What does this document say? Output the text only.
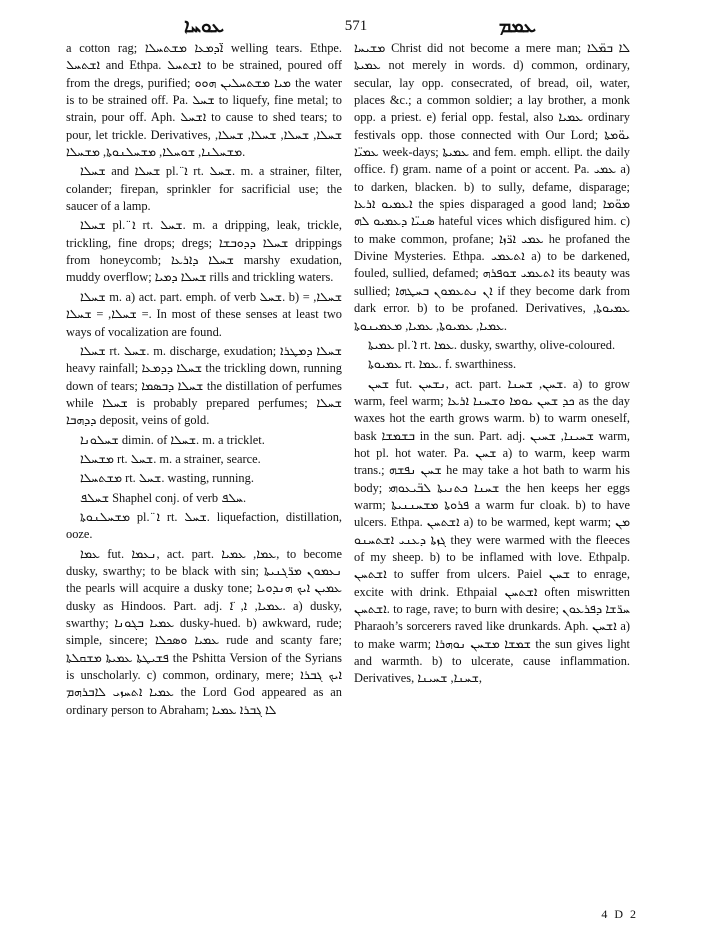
ܥܘܚܐ	571	ܥܡܡ

a cotton rag; ܐ̈ܕܡܥܐ ܡܫܬܚܠܐ welling tears. Ethpe. ܐܫܬܚܠ and Ethpa. ܐܫܬܚܠ to be strained, poured off from the dregs, purified; ܡܝܐ ܡܫܬܚܠܝܢ ܗܘܘ the water is to be strained off. Pa. ܫܚܠ to liquefy, fine metal; to strain, pour off. Aph. ܐܫܚܠ to cause to shed tears; to pour, let trickle. Derivatives, ܫܚܠܐ, ܫܚܠܐ, ܫܚܠܐ, ܫܚܠܐ, ܡܫܚܠܢܐ, ܫܘܚܠܐ, ܡܫܚܠܢܘܬܐ, ܡܫܚܠܐ.

ܫܚܠܐ and ܫܚܠܐ pl. ̈ܐ rt. ܫܚܠ. m. a strainer, filter, colander; firepan, sprinkler for sacrificial use; the saucer of a lamp.

ܫܚܠܐ pl. ̈ܐ rt. ܫܚܠ. m. a dripping, leak, trickle, trickling, fine drops; dregs; ܫܚܠܐ ܕܕܘܒܫܐ drippings from honeycomb; ܫܚܠܐ ܕܐܪܥܐ marshy exudation, muddy overflow; ܫܚܠܐ ܕܡܝܐ rills and trickling waters.

ܫܚܠܐ m. a) act. part. emph. of verb ܫܚܠ. b) = ܫܚܠܐ, = ܫܚܠܐ, = ܫܚܠܐ. In most of these senses at least two ways of vocalization are found.

ܫܚܠܐ rt. ܫܚܠ. m. discharge, exudation; ܫܚܠܐ ܕܡܛܪܐ heavy rainfall; ܫܚܠܐ ܕܕܡܥܐ the trickling down, running down of tears; ܫܚܠܐ ܕܒܣܡܐ the distillation of perfumes while ܫܚܠܐ is probably prepared perfumes; ܫܚܠܐ ܕܕܗܒܐ deposit, veins of gold.

ܫܚܠܘܢܐ dimin. of ܫܚܠܐ. m. a tricklet.

ܡܫܚܠܐ rt. ܫܚܠ. m. a strainer, searce.

ܡܫܬܚܠܐ rt. ܫܚܠ. wasting, running.

ܫܚܠܦ Shaphel conj. of verb ܚܠܦ.

ܡܫܚܠܢܘܬܐ pl. ̈ܐ rt. ܫܚܠ. liquefaction, distillation, ooze.

ܥܡܐ fut. ܢܥܡܐ, act. part. ܥܡܐ, ܥܡܝܐ, to become dusky, swarthy; to be black with sin; ܢܥܡܘܢ ܡܪ̈ܓܢܝܬܐ the pearls will acquire a dusky tone; ܥܡܝܢ ܐܝܟ ܗܢܕܘܝܐ dusky as Hindoos. Part. adj. ܥܡܝܐ, ܐ, ̈ܐ. a) dusky, swarthy; ܥܡܝܐ ܒܓܘܢܐ dusky-hued. b) awkward, rude; simple, sincere; ܥܡܝܐ ܘܣܟܠܐ rude and scanty fare; ܦܫܝܛܬܐ ܥܡܝܬܐ ܡܫܩܠܬܐ the Pshitta Version of the Syrians is unscholarly. c) common, ordinary, mere; ܐܝܟ ܓܒܪܐ ܥܡܝܐ ܐܬܚܙܝ ܠܐܒܪܗܡ the Lord God appeared as an ordinary person to Abraham; ܠܐ ܓܒܪܐ ܥܡܝܐ

ܡܫܝܚܐ Christ did not become a mere man; ܠܐ ܒܡ̈ܠܐ ܥܡܝܬܐ not merely in words. d) common, ordinary, secular, lay opp. consecrated, of bread, oil, water, places &c.; a common soldier; a lay brother, a monk opp. a priest. e) ferial opp. festal, also ܥܡܝܐ ordinary festivals opp. those connected with Our Lord; ܝܘ̈ܡܬܐ ܥܡܝ̈ܐ week-days; ܥܡܝܬܐ and fem. emph. ellipt. the daily office. f) gram. name of a point or accent. Pa. ܥܡܝ a) to darken, blacken. b) to sully, defame, disparage; ܐܥܡܝܘ ܐܪܥܐ the spies disparaged a good land; ܡܘ̈ܡܐ ܣܢܝ̈ܐ ܕܥܡܝܘ ܠܗ hateful vices which disfigured him. c) to make common, profane; ܥܡܝ ܐܪ̈ܙܐ he profaned the Divine Mysteries. Ethpa. ܐܬܥܡܝ a) to be darkened, fouled, sullied, defamed; ܐܬܥܡܝ ܫܘܦܪܗ its beauty was sullied; ܐܢ ܢܬܥܡܘܢ ܒܚܛܗܐ if they become dark from dark error. b) to be profaned. Derivatives, ܥܡܝܘܬܐ, ܥܡܝܐ, ܥܡܝܘܬܐ, ܥܡܝܐ, ܡܥܡܝܢܘܬܐ.

ܥܡܝܬܐ pl. ̈ܐ rt. ܥܡܐ. dusky, swarthy, olive-coloured.

ܥܡܝܘܬܐ rt. ܥܡܐ. f. swarthiness.

ܫܚܢ fut. ܢܫܚܢ, act. part. ܫܚܢ, ܫܚܢܐ. a) to grow warm, feel warm; ܟܕ ܫܚܢ ܝܘܡܐ ܘܫܚܢܐ ܐܪܥܐ as the day waxes hot the earth grows warm. b) to warm oneself, bask ܒܫܡܫܐ in the sun. Part. adj. ܫܚܝܢܐ, ܫܚܝܢ warm, hot pl. hot water. Pa. ܫܚܢ a) to warm, keep warm trans.; ܫܚܢ ܢܦܫܗ he may take a hot bath to warm his body; ܫܚܢܐ ܟܬܢܝܬܐ ܠܒ̈ܝܥܘܗܝ the hen keeps her eggs warm; ܦܪܘܬܐ ܡܫܚܢܢܝܬܐ a warm fur cloak. b) to have ulcers. Ethpa. ܐܫܬܚܢ a) to be warmed, kept warm; ܡܢ ܓܙܬܐ ܕܥܢܝ ܐܫܬܚܢܘ they were warmed with the fleeces of my sheep. b) to be inflamed with love. Ethpalp. ܐܫܬܚܢ to suffer from ulcers. Paiel ܫܚܢ to enrage, excite with drink. Ethpaial ܐܫܬܚܢ often miswritten ܐܫܬܚܢ. to rage, rave; to burn with desire; ܚܪ̈ܫܐ ܕܦܪܥܘܢ Pharaoh’s sorcerers raved like drunkards. Aph. ܐܫܚܢ a) to make warm; ܫܡܫܐ ܡܫܚܢ ܢܘܗܪܐ the sun gives light and warmth. b) to ulcerate, cause inflammation. Derivatives, ܫܚܢܐ, ܫܚܝܢܐ,

4 D 2
